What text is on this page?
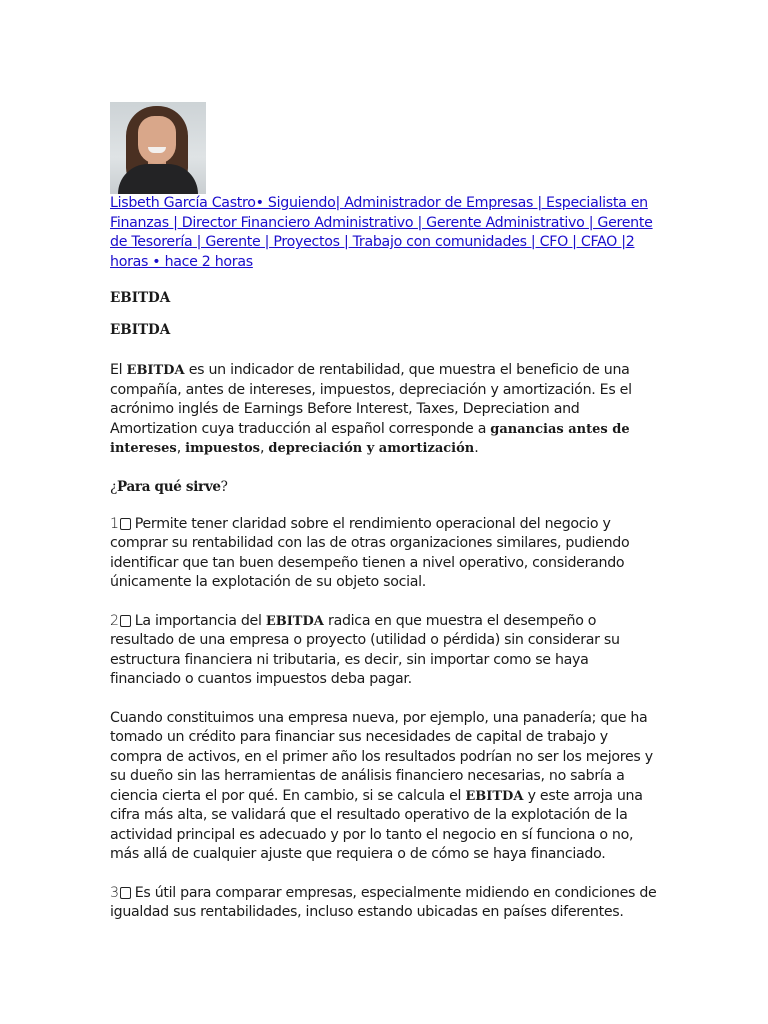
Lisbeth García Castro• Siguiendo| Administrador de Empresas | Especialista en Finanzas | Director Financiero Administrativo | Gerente Administrativo | Gerente de Tesorería | Gerente | Proyectos | Trabajo con comunidades | CFO | CFAO |2 horas • hace 2 horas
EBITDA
EBITDA

El EBITDA es un indicador de rentabilidad, que muestra el beneficio de una compañía, antes de intereses, impuestos, depreciación y amortización. Es el acrónimo inglés de Earnings Before Interest, Taxes, Depreciation and Amortization cuya traducción al español corresponde a ganancias antes de intereses, impuestos, depreciación y amortización.

¿Para qué sirve?

1 Permite tener claridad sobre el rendimiento operacional del negocio y comprar su rentabilidad con las de otras organizaciones similares, pudiendo identificar que tan buen desempeño tienen a nivel operativo, considerando únicamente la explotación de su objeto social.

2 La importancia del EBITDA radica en que muestra el desempeño o resultado de una empresa o proyecto (utilidad o pérdida) sin considerar su estructura financiera ni tributaria, es decir, sin importar como se haya financiado o cuantos impuestos deba pagar.

Cuando constituimos una empresa nueva, por ejemplo, una panadería; que ha tomado un crédito para financiar sus necesidades de capital de trabajo y compra de activos, en el primer año los resultados podrían no ser los mejores y su dueño sin las herramientas de análisis financiero necesarias, no sabría a ciencia cierta el por qué. En cambio, si se calcula el EBITDA y este arroja una cifra más alta, se validará que el resultado operativo de la explotación de la actividad principal es adecuado y por lo tanto el negocio en sí funciona o no, más allá de cualquier ajuste que requiera o de cómo se haya financiado.

3 Es útil para comparar empresas, especialmente midiendo en condiciones de igualdad sus rentabilidades, incluso estando ubicadas en países diferentes.
